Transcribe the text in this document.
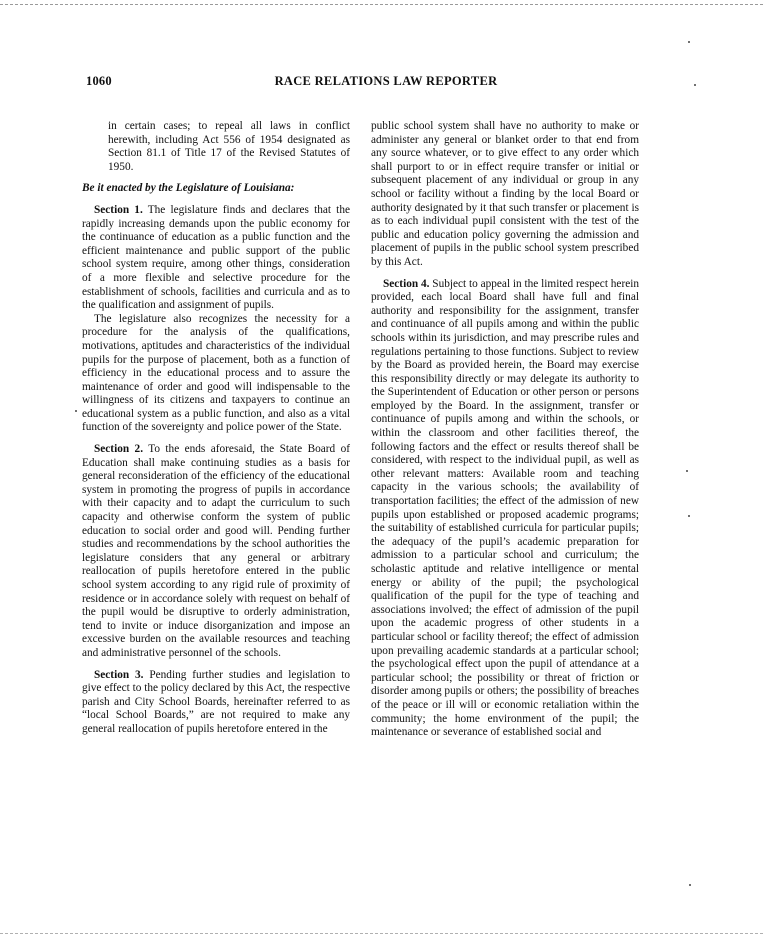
1060	RACE RELATIONS LAW REPORTER

in certain cases; to repeal all laws in conflict herewith, including Act 556 of 1954 designated as Section 81.1 of Title 17 of the Revised Statutes of 1950.

Be it enacted by the Legislature of Louisiana:

Section 1. The legislature finds and declares that the rapidly increasing demands upon the public economy for the continuance of education as a public function and the efficient maintenance and public support of the public school system require, among other things, consideration of a more flexible and selective procedure for the establishment of schools, facilities and curricula and as to the qualification and assignment of pupils.

The legislature also recognizes the necessity for a procedure for the analysis of the qualifications, motivations, aptitudes and characteristics of the individual pupils for the purpose of placement, both as a function of efficiency in the educational process and to assure the maintenance of order and good will indispensable to the willingness of its citizens and taxpayers to continue an educational system as a public function, and also as a vital function of the sovereignty and police power of the State.

Section 2. To the ends aforesaid, the State Board of Education shall make continuing studies as a basis for general reconsideration of the efficiency of the educational system in promoting the progress of pupils in accordance with their capacity and to adapt the curriculum to such capacity and otherwise conform the system of public education to social order and good will. Pending further studies and recommendations by the school authorities the legislature considers that any general or arbitrary reallocation of pupils heretofore entered in the public school system according to any rigid rule of proximity of residence or in accordance solely with request on behalf of the pupil would be disruptive to orderly administration, tend to invite or induce disorganization and impose an excessive burden on the available resources and teaching and administrative personnel of the schools.

Section 3. Pending further studies and legislation to give effect to the policy declared by this Act, the respective parish and City School Boards, hereinafter referred to as “local School Boards,” are not required to make any general reallocation of pupils heretofore entered in the

public school system shall have no authority to make or administer any general or blanket order to that end from any source whatever, or to give effect to any order which shall purport to or in effect require transfer or initial or subsequent placement of any individual or group in any school or facility without a finding by the local Board or authority designated by it that such transfer or placement is as to each individual pupil consistent with the test of the public and education policy governing the admission and placement of pupils in the public school system prescribed by this Act.

Section 4. Subject to appeal in the limited respect herein provided, each local Board shall have full and final authority and responsibility for the assignment, transfer and continuance of all pupils among and within the public schools within its jurisdiction, and may prescribe rules and regulations pertaining to those functions. Subject to review by the Board as provided herein, the Board may exercise this responsibility directly or may delegate its authority to the Superintendent of Education or other person or persons employed by the Board. In the assignment, transfer or continuance of pupils among and within the schools, or within the classroom and other facilities thereof, the following factors and the effect or results thereof shall be considered, with respect to the individual pupil, as well as other relevant matters: Available room and teaching capacity in the various schools; the availability of transportation facilities; the effect of the admission of new pupils upon established or proposed academic programs; the suitability of established curricula for particular pupils; the adequacy of the pupil’s academic preparation for admission to a particular school and curriculum; the scholastic aptitude and relative intelligence or mental energy or ability of the pupil; the psychological qualification of the pupil for the type of teaching and associations involved; the effect of admission of the pupil upon the academic progress of other students in a particular school or facility thereof; the effect of admission upon prevailing academic standards at a particular school; the psychological effect upon the pupil of attendance at a particular school; the possibility or threat of friction or disorder among pupils or others; the possibility of breaches of the peace or ill will or economic retaliation within the community; the home environment of the pupil; the maintenance or severance of established social and
